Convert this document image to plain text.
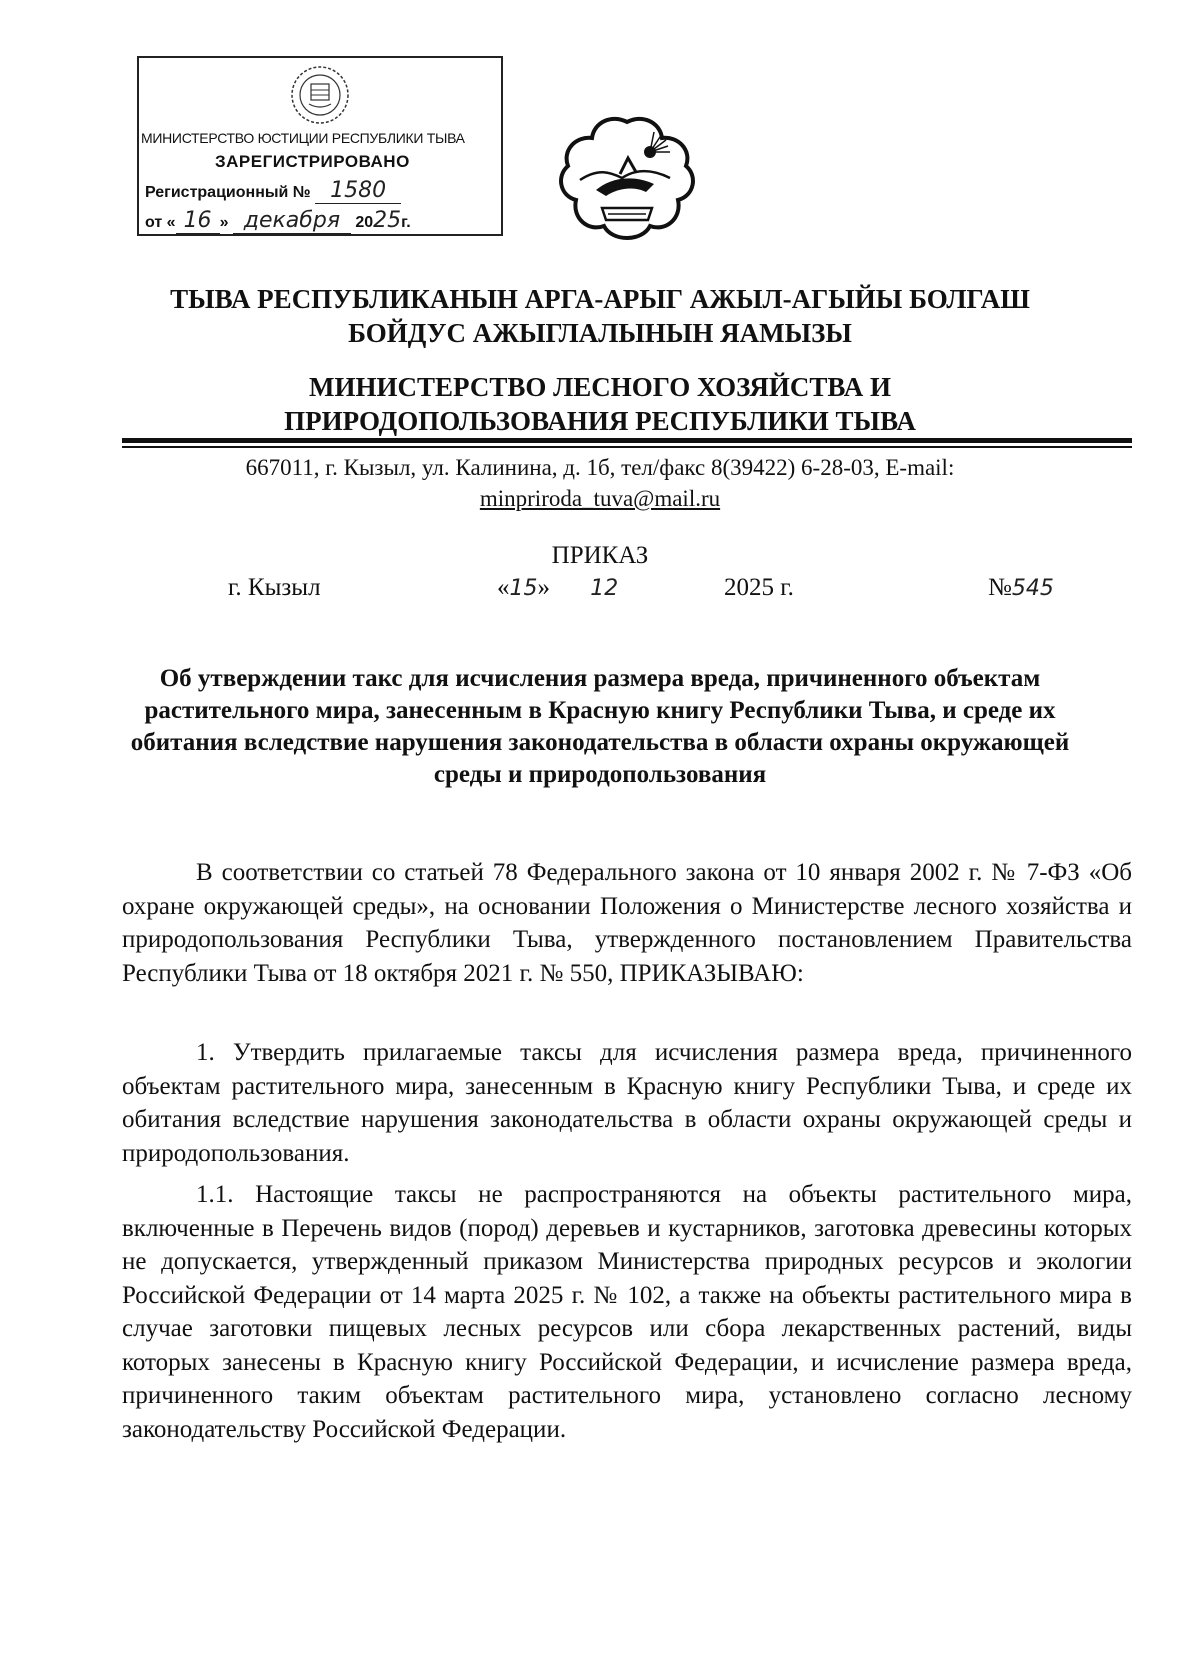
МИНИСТЕРСТВО ЮСТИЦИИ РЕСПУБЛИКИ ТЫВА
ЗАРЕГИСТРИРОВАНО
Регистрационный № 1580
от « 16 » декабря 2025г.
ТЫВА РЕСПУБЛИКАНЫН АРГА-АРЫГ АЖЫЛ-АГЫЙЫ БОЛГАШ
БОЙДУС АЖЫГЛАЛЫНЫН ЯАМЫЗЫ
МИНИСТЕРСТВО ЛЕСНОГО ХОЗЯЙСТВА И
ПРИРОДОПОЛЬЗОВАНИЯ РЕСПУБЛИКИ ТЫВА
667011, г. Кызыл, ул. Калинина, д. 1б, тел/факс 8(39422) 6-28-03, E-mail:
minpriroda_tuva@mail.ru
ПРИКАЗ
г. Кызыл	«15» 12	2025 г.	№545
Об утверждении такс для исчисления размера вреда, причиненного объектам растительного мира, занесенным в Красную книгу Республики Тыва, и среде их обитания вследствие нарушения законодательства в области охраны окружающей среды и природопользования

В соответствии со статьей 78 Федерального закона от 10 января 2002 г. № 7-ФЗ «Об охране окружающей среды», на основании Положения о Министерстве лесного хозяйства и природопользования Республики Тыва, утвержденного постановлением Правительства Республики Тыва от 18 октября 2021 г. № 550, ПРИКАЗЫВАЮ:

1. Утвердить прилагаемые таксы для исчисления размера вреда, причиненного объектам растительного мира, занесенным в Красную книгу Республики Тыва, и среде их обитания вследствие нарушения законодательства в области охраны окружающей среды и природопользования.

1.1. Настоящие таксы не распространяются на объекты растительного мира, включенные в Перечень видов (пород) деревьев и кустарников, заготовка древесины которых не допускается, утвержденный приказом Министерства природных ресурсов и экологии Российской Федерации от 14 марта 2025 г. № 102, а также на объекты растительного мира в случае заготовки пищевых лесных ресурсов или сбора лекарственных растений, виды которых занесены в Красную книгу Российской Федерации, и исчисление размера вреда, причиненного таким объектам растительного мира, установлено согласно лесному законодательству Российской Федерации.
